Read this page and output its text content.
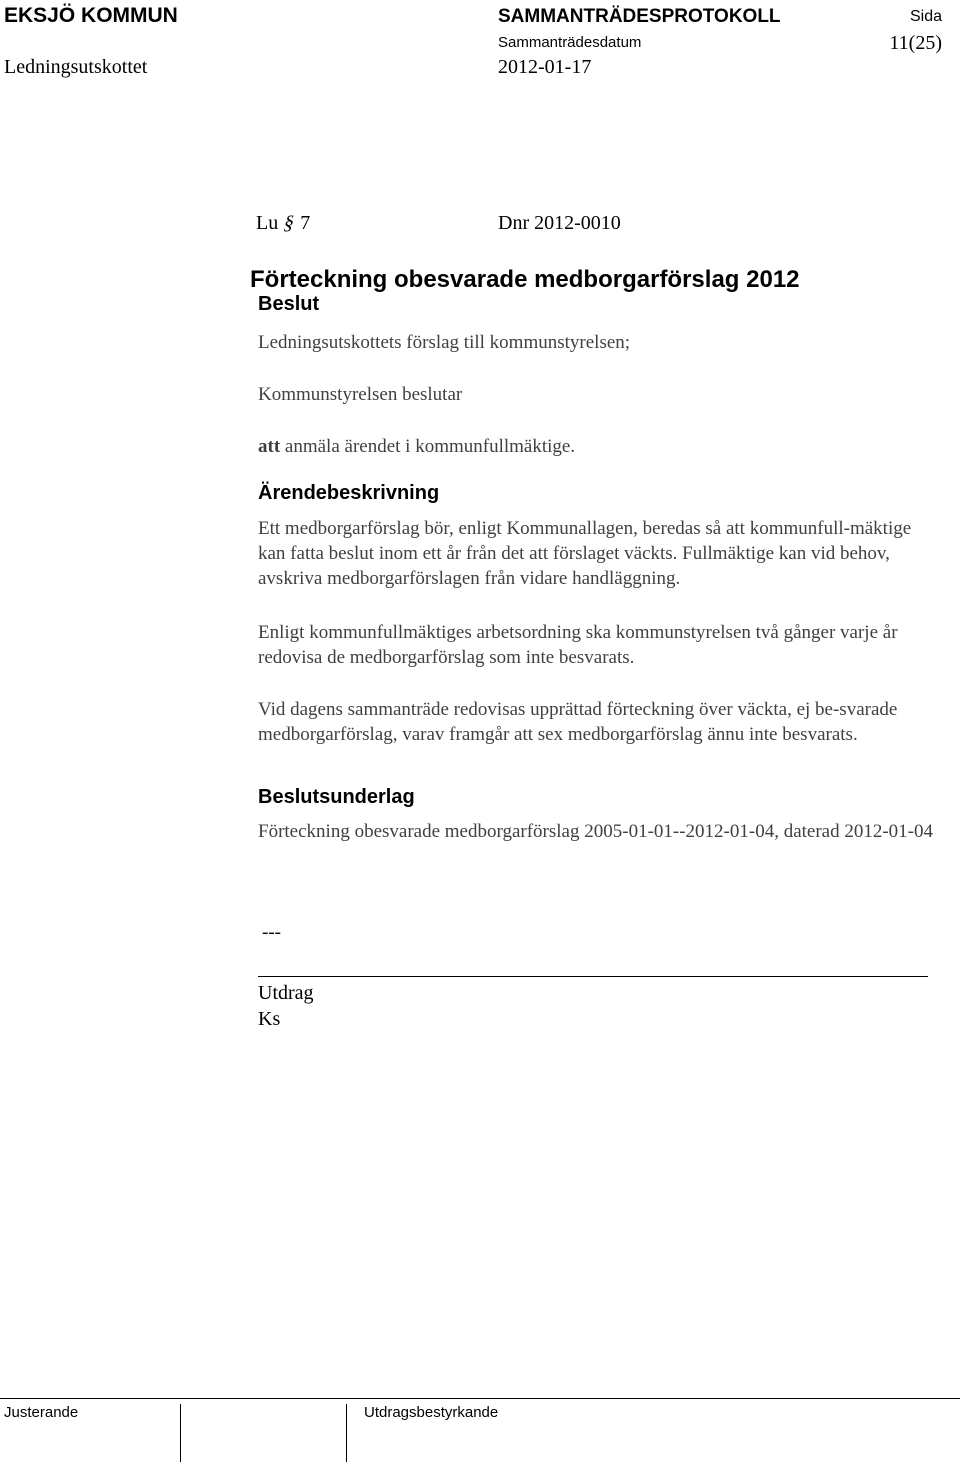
EKSJÖ KOMMUN	SAMMANTRÄDESPROTOKOLL	Sida
Sammanträdesdatum	11(25)
Ledningsutskottet	2012-01-17
Lu § 7	Dnr 2012-0010
Förteckning obesvarade medborgarförslag 2012
Beslut
Ledningsutskottets förslag till kommunstyrelsen;
Kommunstyrelsen beslutar
att anmäla ärendet i kommunfullmäktige.
Ärendebeskrivning
Ett medborgarförslag bör, enligt Kommunallagen, beredas så att kommunfull-mäktige kan fatta beslut inom ett år från det att förslaget väckts. Fullmäktige kan vid behov, avskriva medborgarförslagen från vidare handläggning.
Enligt kommunfullmäktiges arbetsordning ska kommunstyrelsen två gånger varje år redovisa de medborgarförslag som inte besvarats.
Vid dagens sammanträde redovisas upprättad förteckning över väckta, ej be-svarade medborgarförslag, varav framgår att sex medborgarförslag ännu inte besvarats.
Beslutsunderlag
Förteckning obesvarade medborgarförslag 2005-01-01--2012-01-04, daterad 2012-01-04
---
Utdrag
Ks
Justerande	Utdragsbestyrkande
